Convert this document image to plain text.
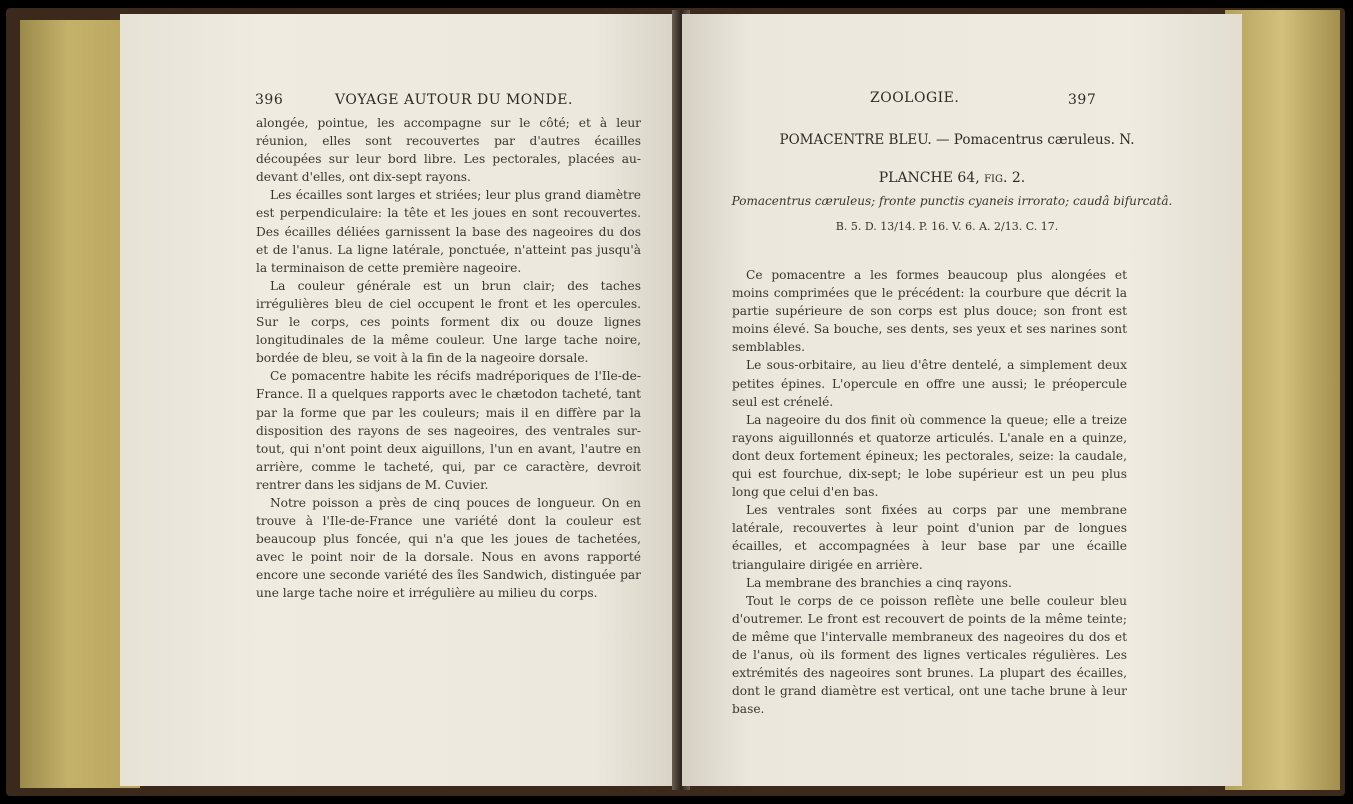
396	VOYAGE AUTOUR DU MONDE.

alongée, pointue, les accompagne sur le côté; et à leur réunion, elles sont recouvertes par d'autres écailles découpées sur leur bord libre. Les pectorales, placées au-devant d'elles, ont dix-sept rayons.

Les écailles sont larges et striées; leur plus grand diamètre est perpendiculaire: la tête et les joues en sont recouvertes. Des écailles déliées garnissent la base des nageoires du dos et de l'anus. La ligne latérale, ponctuée, n'atteint pas jusqu'à la terminaison de cette première nageoire.

La couleur générale est un brun clair; des taches irrégulières bleu de ciel occupent le front et les opercules. Sur le corps, ces points forment dix ou douze lignes longitudinales de la même couleur. Une large tache noire, bordée de bleu, se voit à la fin de la nageoire dorsale.

Ce pomacentre habite les récifs madréporiques de l'Ile-de-France. Il a quelques rapports avec le chætodon tacheté, tant par la forme que par les couleurs; mais il en diffère par la disposition des rayons de ses nageoires, des ventrales sur-tout, qui n'ont point deux aiguillons, l'un en avant, l'autre en arrière, comme le tacheté, qui, par ce caractère, devroit rentrer dans les sidjans de M. Cuvier.

Notre poisson a près de cinq pouces de longueur. On en trouve à l'Ile-de-France une variété dont la couleur est beaucoup plus foncée, qui n'a que les joues de tachetées, avec le point noir de la dorsale. Nous en avons rapporté encore une seconde variété des îles Sandwich, distinguée par une large tache noire et irrégulière au milieu du corps.

ZOOLOGIE.	397
POMACENTRE BLEU. — Pomacentrus cæruleus. N.
PLANCHE 64, fig. 2.
Pomacentrus cæruleus; fronte punctis cyaneis irrorato; caudâ bifurcatâ.
B. 5. D. 13/14. P. 16. V. 6. A. 2/13. C. 17.

Ce pomacentre a les formes beaucoup plus alongées et moins comprimées que le précédent: la courbure que décrit la partie supérieure de son corps est plus douce; son front est moins élevé. Sa bouche, ses dents, ses yeux et ses narines sont semblables.

Le sous-orbitaire, au lieu d'être dentelé, a simplement deux petites épines. L'opercule en offre une aussi; le préopercule seul est crénelé.

La nageoire du dos finit où commence la queue; elle a treize rayons aiguillonnés et quatorze articulés. L'anale en a quinze, dont deux fortement épineux; les pectorales, seize: la caudale, qui est fourchue, dix-sept; le lobe supérieur est un peu plus long que celui d'en bas.

Les ventrales sont fixées au corps par une membrane latérale, recouvertes à leur point d'union par de longues écailles, et accompagnées à leur base par une écaille triangulaire dirigée en arrière.

La membrane des branchies a cinq rayons.

Tout le corps de ce poisson reflète une belle couleur bleu d'outremer. Le front est recouvert de points de la même teinte; de même que l'intervalle membraneux des nageoires du dos et de l'anus, où ils forment des lignes verticales régulières. Les extrémités des nageoires sont brunes. La plupart des écailles, dont le grand diamètre est vertical, ont une tache brune à leur base.
